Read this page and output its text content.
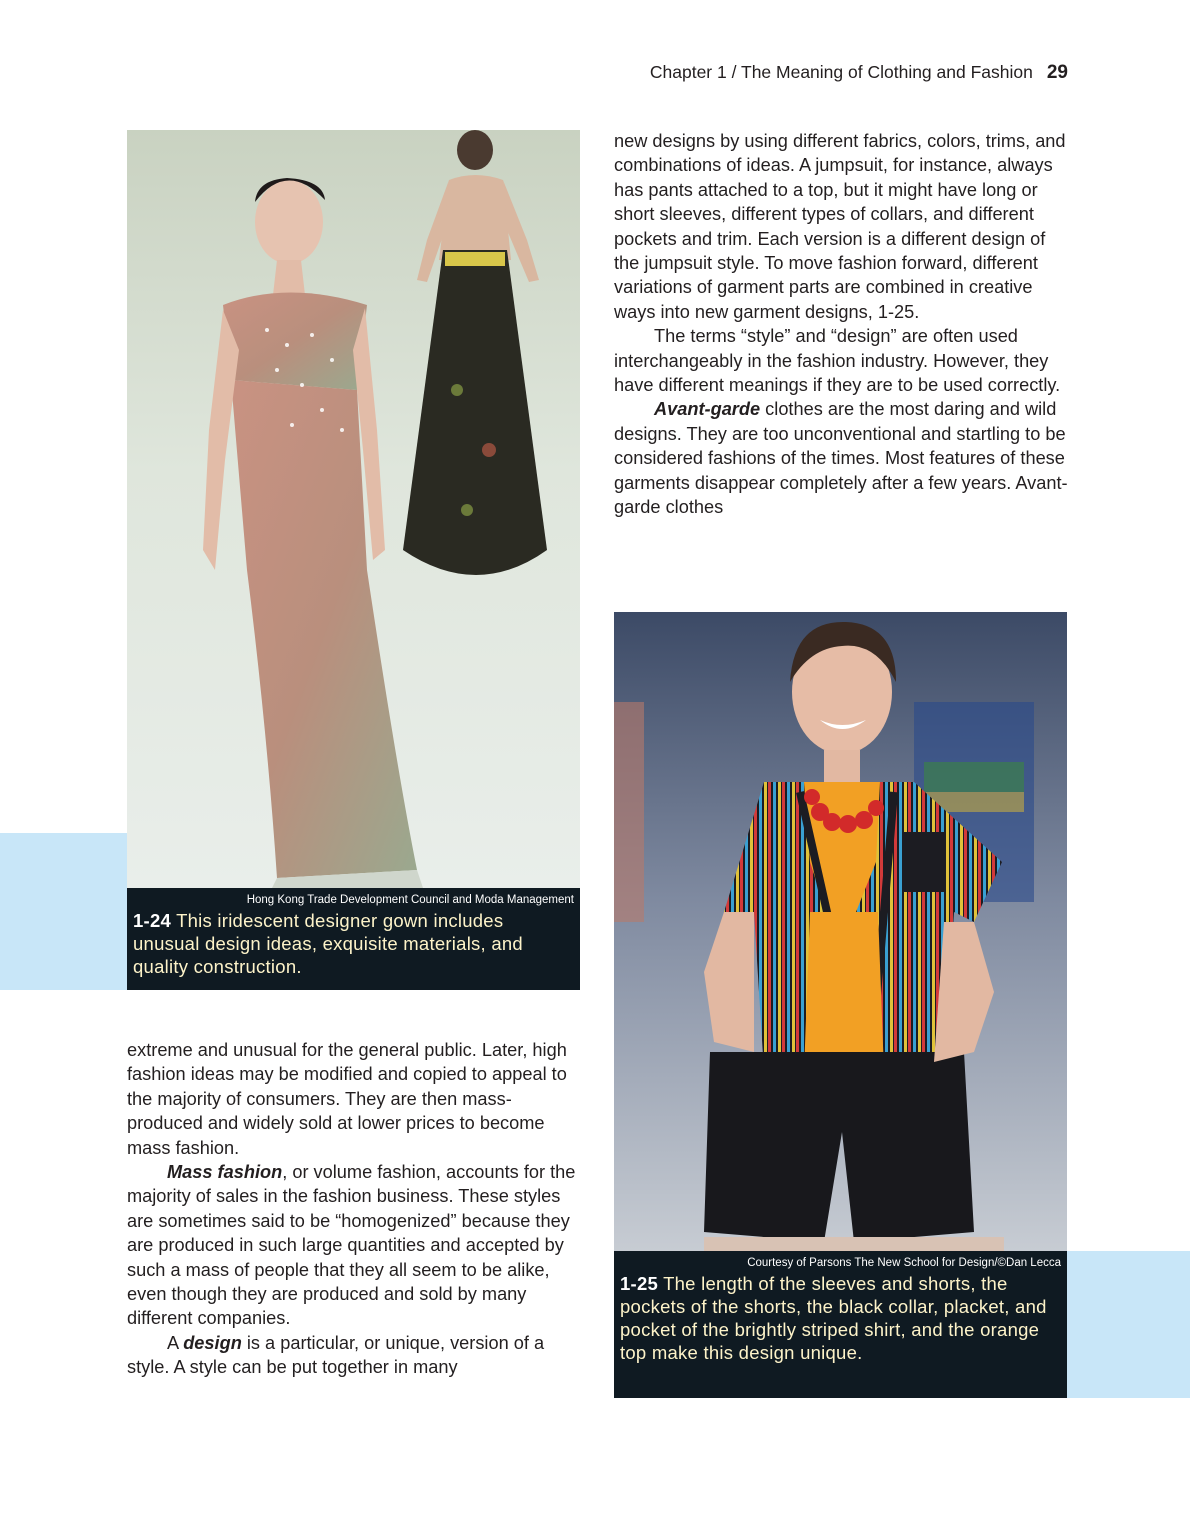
Chapter 1 / The Meaning of Clothing and Fashion 29
Hong Kong Trade Development Council and Moda Management
1-24 This iridescent designer gown includes unusual design ideas, exquisite materials, and quality construction.
Courtesy of Parsons The New School for Design/©Dan Lecca
1-25 The length of the sleeves and shorts, the pockets of the shorts, the black collar, placket, and pocket of the brightly striped shirt, and the orange top make this design unique.

new designs by using different fabrics, colors, trims, and combinations of ideas. A jumpsuit, for instance, always has pants attached to a top, but it might have long or short sleeves, different types of collars, and different pockets and trim. Each version is a different design of the jumpsuit style. To move fashion forward, different variations of garment parts are combined in creative ways into new garment designs, 1-25.

The terms “style” and “design” are often used interchangeably in the fashion industry. However, they have different meanings if they are to be used correctly.

Avant-garde clothes are the most daring and wild designs. They are too unconventional and startling to be considered fashions of the times. Most features of these garments disappear completely after a few years. Avant-garde clothes

extreme and unusual for the general public. Later, high fashion ideas may be modified and copied to appeal to the majority of consumers. They are then mass-produced and widely sold at lower prices to become mass fashion.

Mass fashion, or volume fashion, accounts for the majority of sales in the fashion business. These styles are sometimes said to be “homogenized” because they are produced in such large quantities and accepted by such a mass of people that they all seem to be alike, even though they are produced and sold by many different companies.

A design is a particular, or unique, version of a style. A style can be put together in many
